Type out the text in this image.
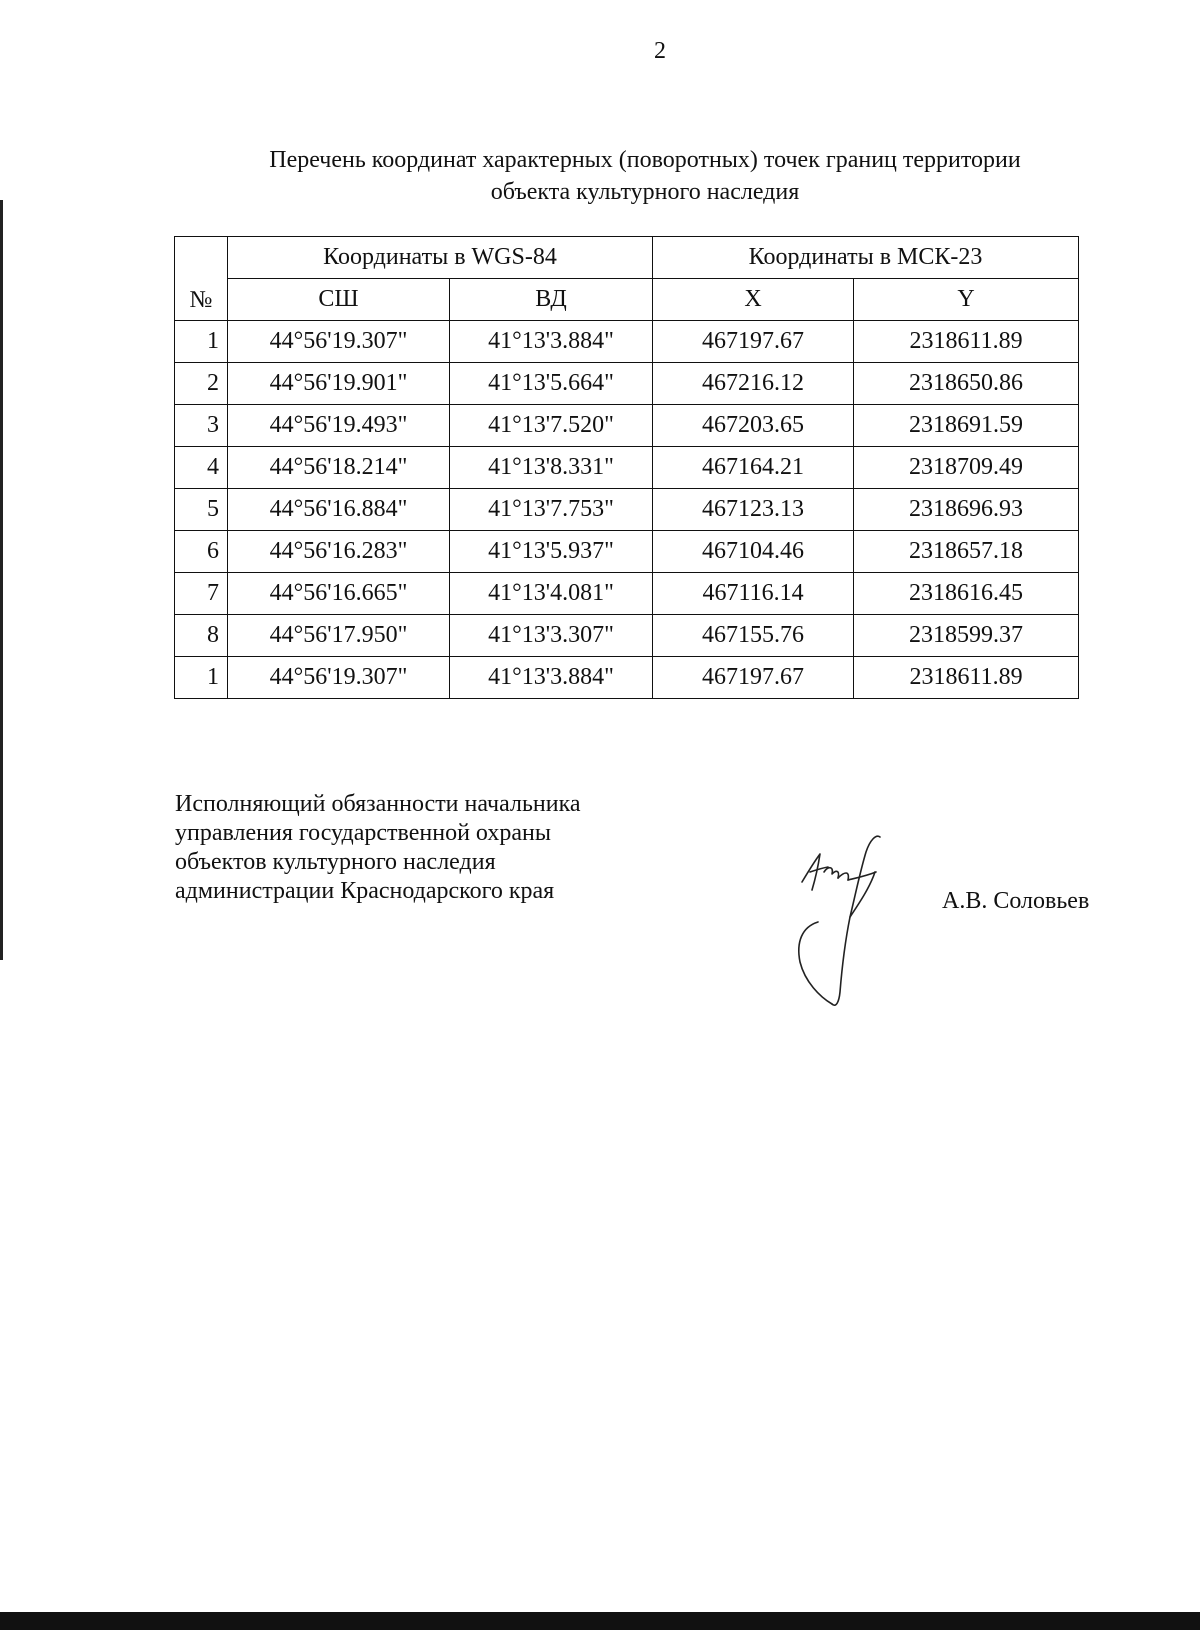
2
Перечень координат характерных (поворотных) точек границ территории
объекта культурного наследия
№	Координаты в WGS-84		Координаты в МСК-23	
	СШ	ВД	X	Y
1	44°56'19.307"	41°13'3.884"	467197.67	2318611.89
2	44°56'19.901"	41°13'5.664"	467216.12	2318650.86
3	44°56'19.493"	41°13'7.520"	467203.65	2318691.59
4	44°56'18.214"	41°13'8.331"	467164.21	2318709.49
5	44°56'16.884"	41°13'7.753"	467123.13	2318696.93
6	44°56'16.283"	41°13'5.937"	467104.46	2318657.18
7	44°56'16.665"	41°13'4.081"	467116.14	2318616.45
8	44°56'17.950"	41°13'3.307"	467155.76	2318599.37
1	44°56'19.307"	41°13'3.884"	467197.67	2318611.89
Исполняющий обязанности начальника
управления государственной охраны
объектов культурного наследия
администрации Краснодарского края	А.В. Соловьев
